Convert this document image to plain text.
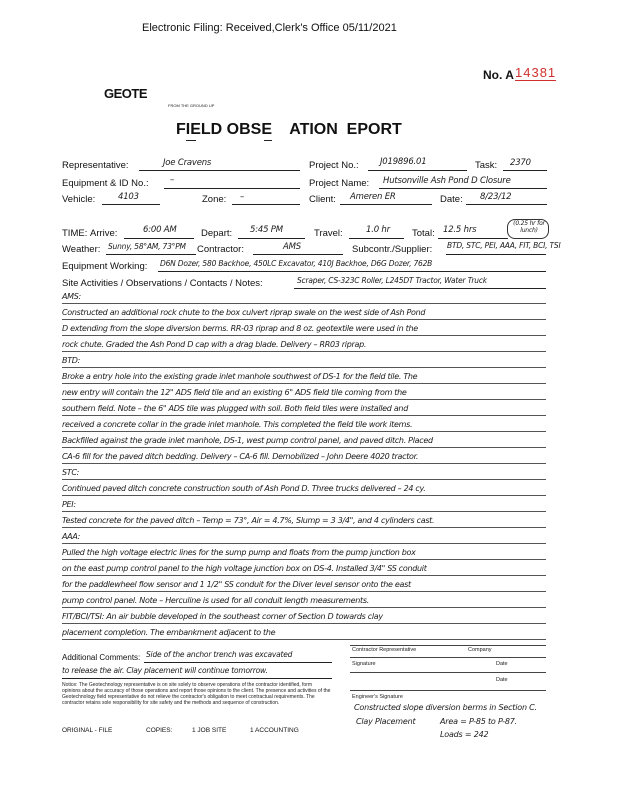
Electronic Filing: Received,Clerk's Office 05/11/2021
No. A 14381
GEOTE
FROM THE GROUND UP
FIELD OBSE    ATION  EPORT
Representative:	Joe Cravens	Project No.:	J019896.01	Task: 2370
Equipment & ID No.:	–	Project Name: Hutsonville Ash Pond D Closure
Vehicle:	4103	Zone: –	Client: Ameren ER	Date: 8/23/12
TIME: Arrive:	6:00 AM	Depart: 5:45 PM	Travel:	1.0 hr Total: 12.5 hrs
(0.25 hr for lunch)
Weather: Sunny, 58°AM, 73°PM Contractor:	AMS	Subcontr./Supplier: BTD, STC, PEI, AAA, FIT, BCI, TSI
Equipment Working: D6N Dozer, 580 Backhoe, 450LC Excavator, 410J Backhoe, D6G Dozer, 762B
Site Activities / Observations / Contacts / Notes:	Scraper, CS-323C Roller, L245DT Tractor, Water Truck
AMS:
Constructed an additional rock chute to the box culvert riprap swale on the west side of Ash Pond
D extending from the slope diversion berms. RR-03 riprap and 8 oz. geotextile were used in the
rock chute. Graded the Ash Pond D cap with a drag blade. Delivery – RR03 riprap.
BTD:
Broke a entry hole into the existing grade inlet manhole southwest of DS-1 for the field tile. The
new entry will contain the 12" ADS field tile and an existing 6" ADS field tile coming from the
southern field. Note – the 6" ADS tile was plugged with soil. Both field tiles were installed and
received a concrete collar in the grade inlet manhole. This completed the field tile work items.
Backfilled against the grade inlet manhole, DS-1, west pump control panel, and paved ditch. Placed
CA-6 fill for the paved ditch bedding. Delivery – CA-6 fill. Demobilized – John Deere 4020 tractor.
STC:
Continued paved ditch concrete construction south of Ash Pond D. Three trucks delivered – 24 cy.
PEI:
Tested concrete for the paved ditch – Temp = 73°, Air = 4.7%, Slump = 3 3/4", and 4 cylinders cast.
AAA:
Pulled the high voltage electric lines for the sump pump and floats from the pump junction box
on the east pump control panel to the high voltage junction box on DS-4. Installed 3/4" SS conduit
for the paddlewheel flow sensor and 1 1/2" SS conduit for the Diver level sensor onto the east
pump control panel. Note – Herculine is used for all conduit length measurements.
FIT/BCI/TSI: An air bubble developed in the southeast corner of Section D towards clay
placement completion. The embankment adjacent to the
Additional Comments: Side of the anchor trench was excavated
to release the air. Clay placement will continue tomorrow.
Contractor Representative	Company
Signature	Date
Date
Engineer's Signature
Constructed slope diversion berms in Section C.
Clay Placement	Area = P-85 to P-87.
Loads = 242
Notice: The Geotechnology representative is on site solely to observe operations of the contractor identified, form opinions about the accuracy of those operations and report those opinions to the client. The presence and activities of the Geotechnology field representative do not relieve the contractor's obligation to meet contractual requirements. The contractor retains sole responsibility for site safety and the methods and sequence of construction.
ORIGINAL - FILE	COPIES:	1 JOB SITE	1 ACCOUNTING
